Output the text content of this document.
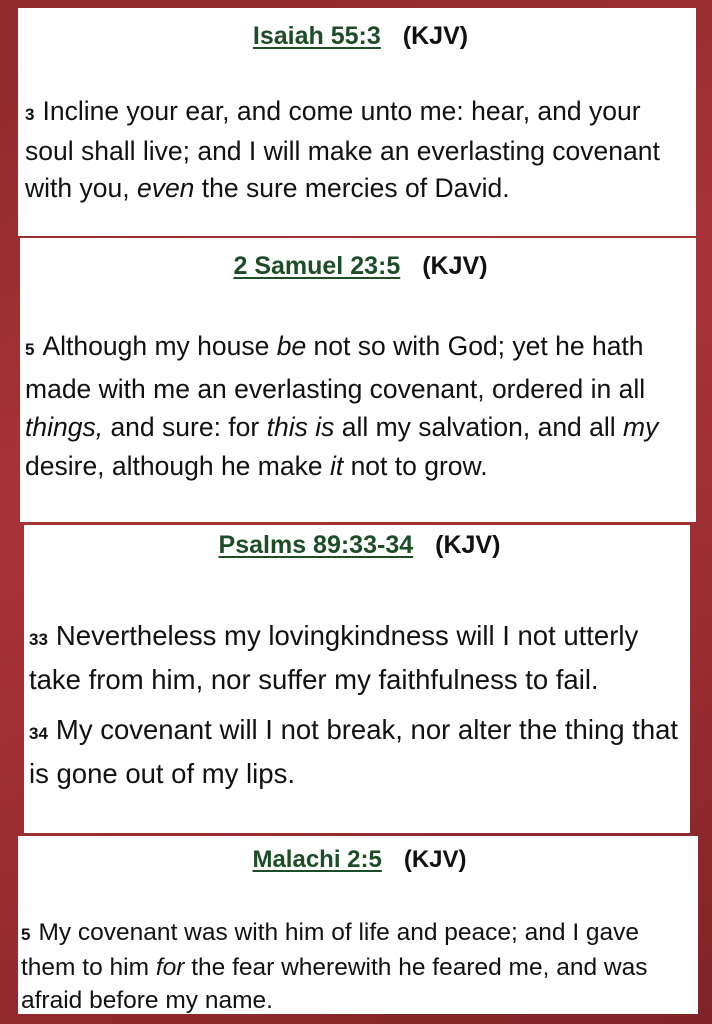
Isaiah 55:3 (KJV)

3 Incline your ear, and come unto me: hear, and your soul shall live; and I will make an everlasting covenant with you, even the sure mercies of David.

2 Samuel 23:5 (KJV)

5 Although my house be not so with God; yet he hath made with me an everlasting covenant, ordered in all things, and sure: for this is all my salvation, and all my desire, although he make it not to grow.

Psalms 89:33-34 (KJV)

33 Nevertheless my lovingkindness will I not utterly take from him, nor suffer my faithfulness to fail.

34 My covenant will I not break, nor alter the thing that is gone out of my lips.

Malachi 2:5 (KJV)

5 My covenant was with him of life and peace; and I gave them to him for the fear wherewith he feared me, and was afraid before my name.
